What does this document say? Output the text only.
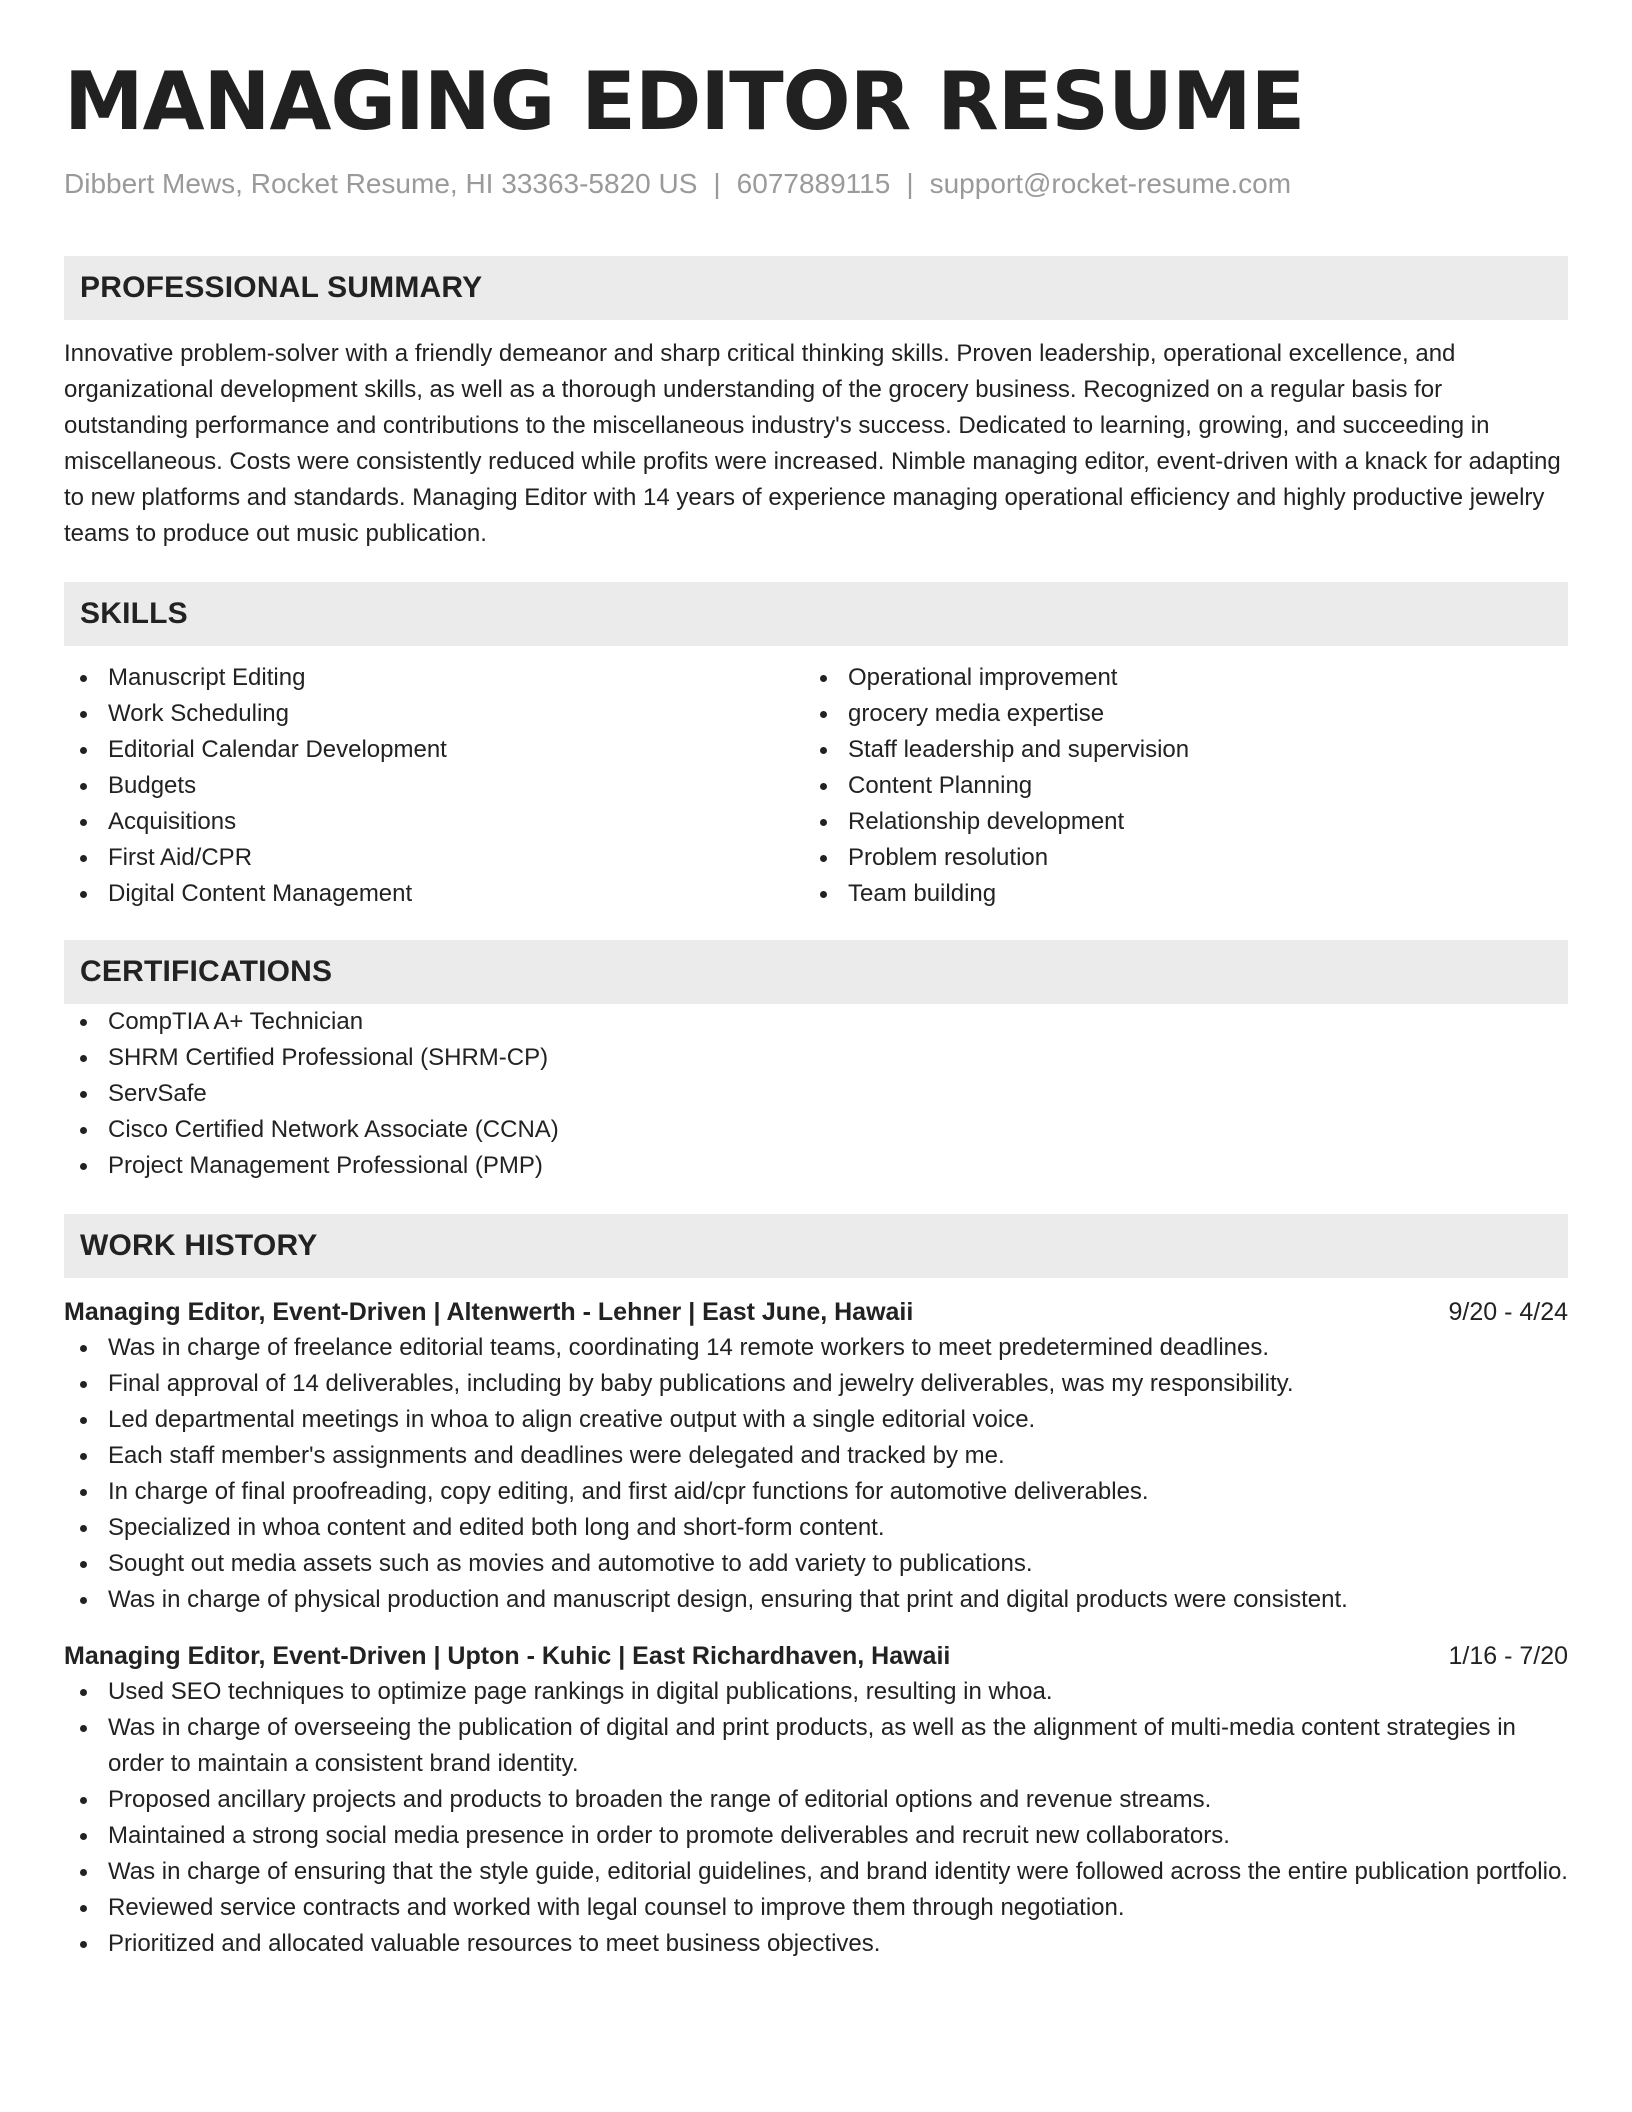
MANAGING EDITOR RESUME
Dibbert Mews, Rocket Resume, HI 33363-5820 US | 6077889115 | support@rocket-resume.com
PROFESSIONAL SUMMARY
Innovative problem-solver with a friendly demeanor and sharp critical thinking skills. Proven leadership, operational excellence, and organizational development skills, as well as a thorough understanding of the grocery business. Recognized on a regular basis for outstanding performance and contributions to the miscellaneous industry's success. Dedicated to learning, growing, and succeeding in miscellaneous. Costs were consistently reduced while profits were increased. Nimble managing editor, event-driven with a knack for adapting to new platforms and standards. Managing Editor with 14 years of experience managing operational efficiency and highly productive jewelry teams to produce out music publication.
SKILLS
Manuscript Editing
Work Scheduling
Editorial Calendar Development
Budgets
Acquisitions
First Aid/CPR
Digital Content Management
Operational improvement
grocery media expertise
Staff leadership and supervision
Content Planning
Relationship development
Problem resolution
Team building
CERTIFICATIONS
CompTIA A+ Technician
SHRM Certified Professional (SHRM-CP)
ServSafe
Cisco Certified Network Associate (CCNA)
Project Management Professional (PMP)
WORK HISTORY
Managing Editor, Event-Driven | Altenwerth - Lehner | East June, Hawaii	9/20 - 4/24
Was in charge of freelance editorial teams, coordinating 14 remote workers to meet predetermined deadlines.
Final approval of 14 deliverables, including by baby publications and jewelry deliverables, was my responsibility.
Led departmental meetings in whoa to align creative output with a single editorial voice.
Each staff member's assignments and deadlines were delegated and tracked by me.
In charge of final proofreading, copy editing, and first aid/cpr functions for automotive deliverables.
Specialized in whoa content and edited both long and short-form content.
Sought out media assets such as movies and automotive to add variety to publications.
Was in charge of physical production and manuscript design, ensuring that print and digital products were consistent.
Managing Editor, Event-Driven | Upton - Kuhic | East Richardhaven, Hawaii	1/16 - 7/20
Used SEO techniques to optimize page rankings in digital publications, resulting in whoa.
Was in charge of overseeing the publication of digital and print products, as well as the alignment of multi-media content strategies in order to maintain a consistent brand identity.
Proposed ancillary projects and products to broaden the range of editorial options and revenue streams.
Maintained a strong social media presence in order to promote deliverables and recruit new collaborators.
Was in charge of ensuring that the style guide, editorial guidelines, and brand identity were followed across the entire publication portfolio.
Reviewed service contracts and worked with legal counsel to improve them through negotiation.
Prioritized and allocated valuable resources to meet business objectives.
